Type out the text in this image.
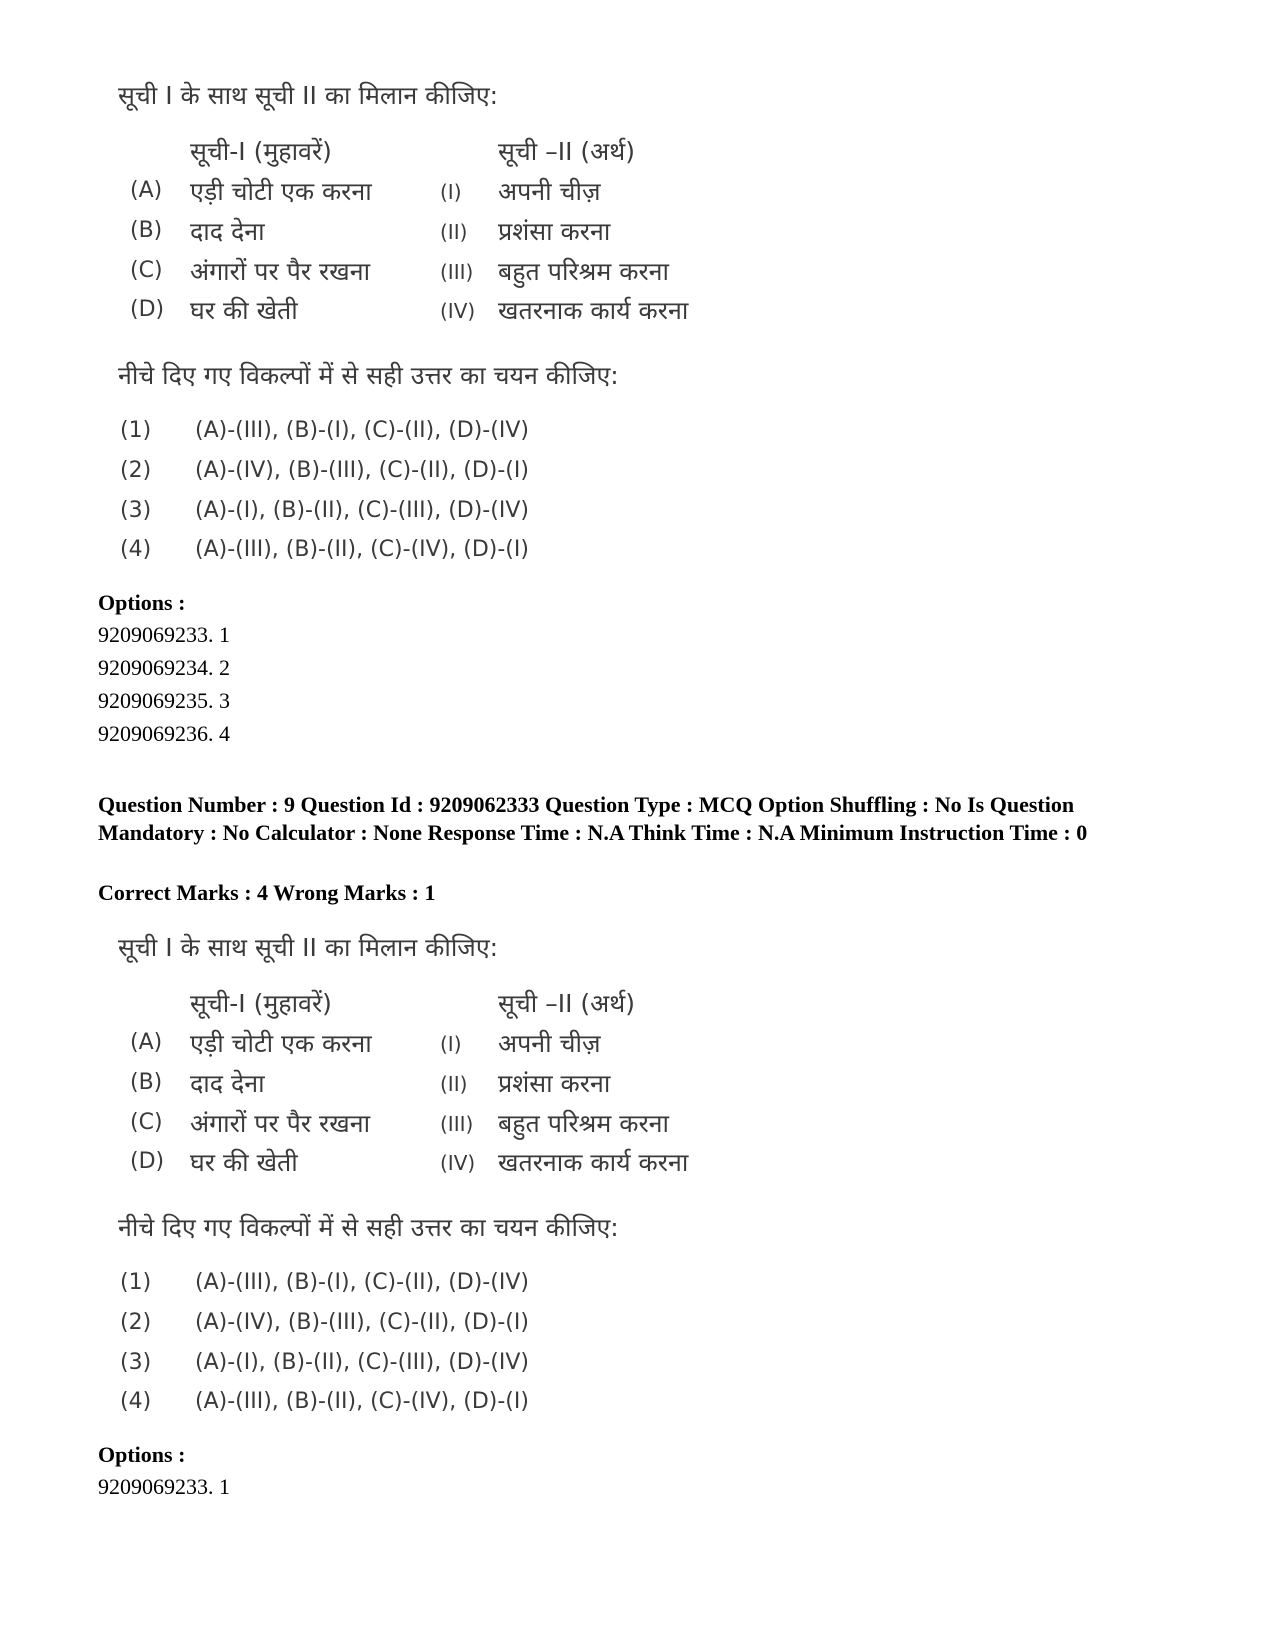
सूची I के साथ सूची II का मिलान कीजिए:
सूची-I (मुहावरें)	सूची –II (अर्थ)
(A) एड़ी चोटी एक करना	(I) अपनी चीज़
(B) दाद देना	(II) प्रशंसा करना
(C) अंगारों पर पैर रखना	(III) बहुत परिश्रम करना
(D) घर की खेती	(IV) खतरनाक कार्य करना
नीचे दिए गए विकल्पों में से सही उत्तर का चयन कीजिए:
(1) (A)-(III), (B)-(I), (C)-(II), (D)-(IV)
(2) (A)-(IV), (B)-(III), (C)-(II), (D)-(I)
(3) (A)-(I), (B)-(II), (C)-(III), (D)-(IV)
(4) (A)-(III), (B)-(II), (C)-(IV), (D)-(I)
Options :
9209069233. 1
9209069234. 2
9209069235. 3
9209069236. 4
Question Number : 9 Question Id : 9209062333 Question Type : MCQ Option Shuffling : No Is Question Mandatory : No Calculator : None Response Time : N.A Think Time : N.A Minimum Instruction Time : 0
Correct Marks : 4 Wrong Marks : 1
सूची I के साथ सूची II का मिलान कीजिए:
सूची-I (मुहावरें)	सूची –II (अर्थ)
(A) एड़ी चोटी एक करना	(I) अपनी चीज़
(B) दाद देना	(II) प्रशंसा करना
(C) अंगारों पर पैर रखना	(III) बहुत परिश्रम करना
(D) घर की खेती	(IV) खतरनाक कार्य करना
नीचे दिए गए विकल्पों में से सही उत्तर का चयन कीजिए:
(1) (A)-(III), (B)-(I), (C)-(II), (D)-(IV)
(2) (A)-(IV), (B)-(III), (C)-(II), (D)-(I)
(3) (A)-(I), (B)-(II), (C)-(III), (D)-(IV)
(4) (A)-(III), (B)-(II), (C)-(IV), (D)-(I)
Options :
9209069233. 1
